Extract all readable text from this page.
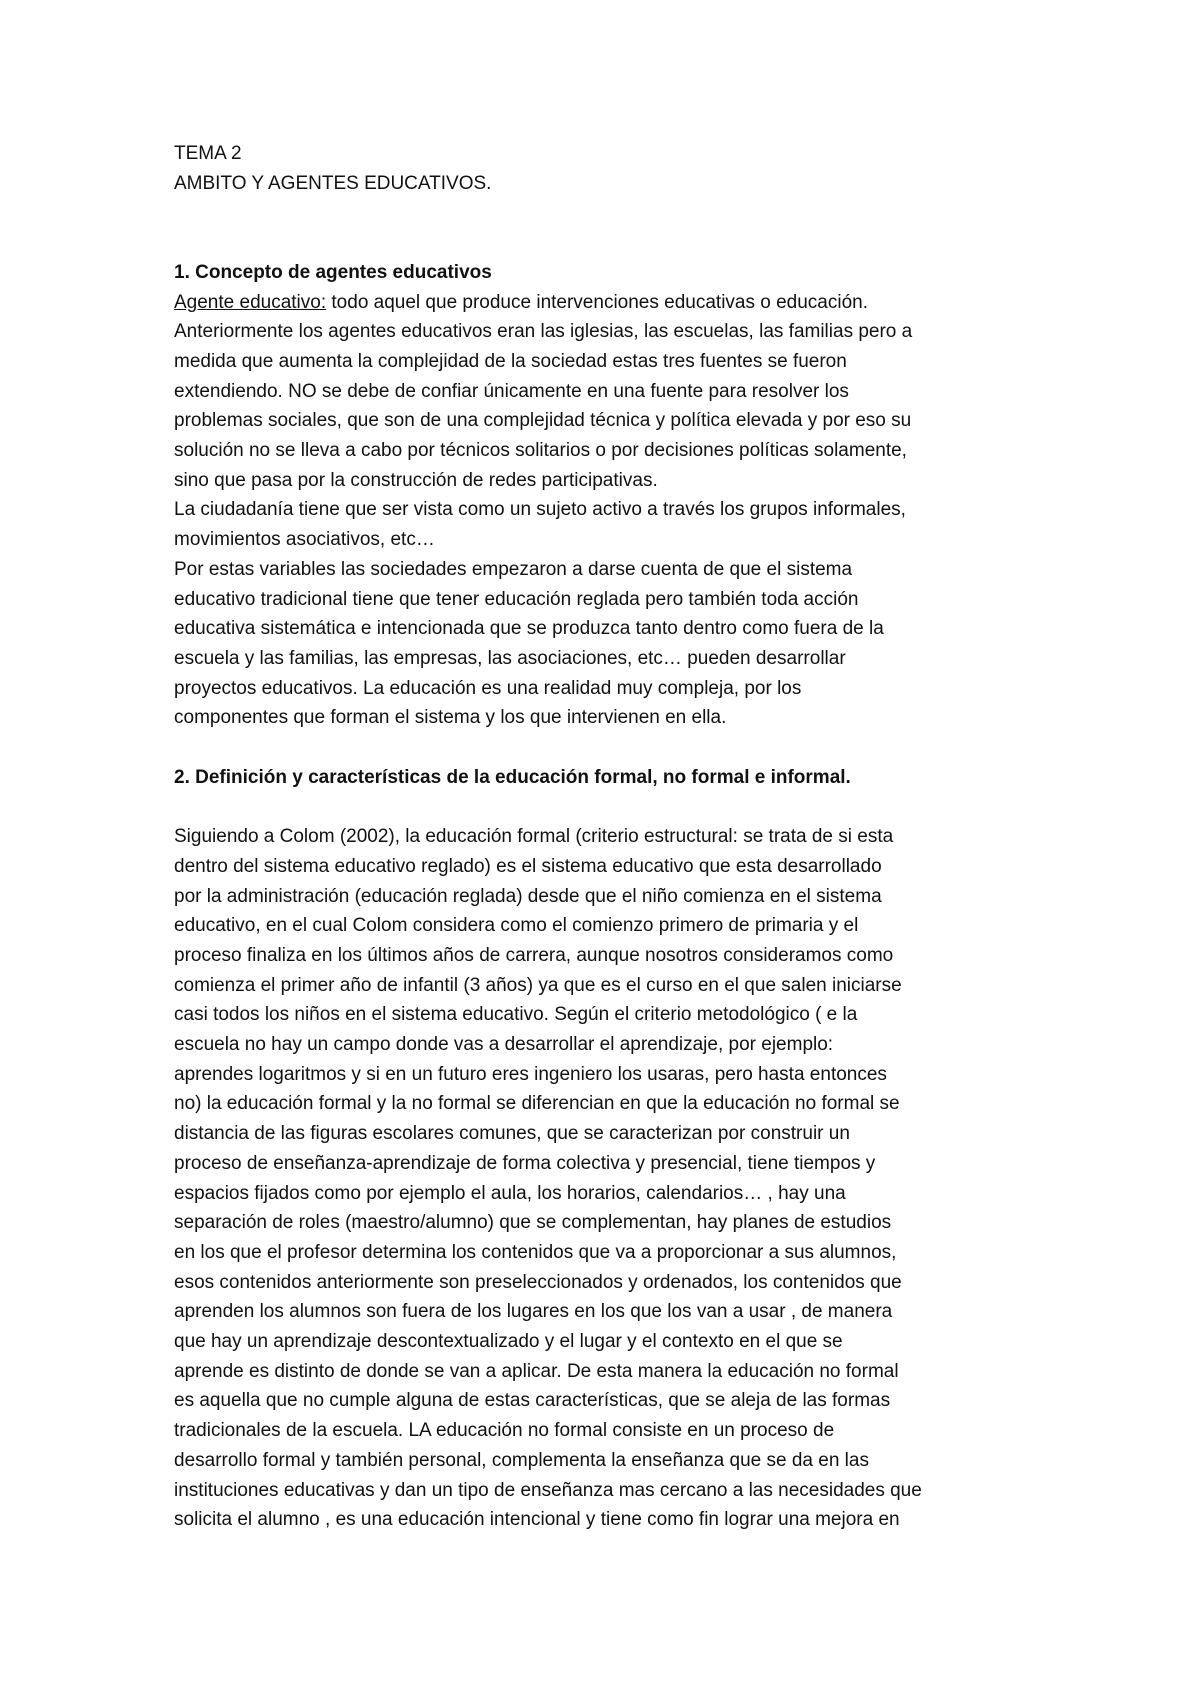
TEMA 2
AMBITO Y AGENTES EDUCATIVOS.
1. Concepto de agentes educativos
Agente educativo: todo aquel que produce intervenciones educativas o educación.
Anteriormente los agentes educativos eran las iglesias, las escuelas, las familias pero a
medida que aumenta la complejidad de la sociedad estas tres fuentes se fueron
extendiendo. NO se debe de confiar únicamente en una fuente para resolver los
problemas sociales, que son de una complejidad técnica y política elevada y por eso su
solución no se lleva a cabo por técnicos solitarios o por decisiones políticas solamente,
sino que pasa por la construcción de redes participativas.
La ciudadanía tiene que ser vista como un sujeto activo a través los grupos informales,
movimientos asociativos, etc…
Por estas variables las sociedades empezaron a darse cuenta de que el sistema
educativo tradicional tiene que tener educación reglada pero también toda acción
educativa sistemática e intencionada que se produzca tanto dentro como fuera de la
escuela y las familias, las empresas, las asociaciones, etc… pueden desarrollar
proyectos educativos. La educación es una realidad muy compleja, por los
componentes que forman el sistema y los que intervienen en ella.
2. Definición y características de la educación formal, no formal e informal.
Siguiendo a Colom (2002), la educación formal (criterio estructural: se trata de si esta
dentro del sistema educativo reglado) es el sistema educativo que esta desarrollado
por la administración (educación reglada) desde que el niño comienza en el sistema
educativo, en el cual Colom considera como el comienzo primero de primaria y el
proceso finaliza en los últimos años de carrera, aunque nosotros consideramos como
comienza el primer año de infantil (3 años) ya que es el curso en el que salen iniciarse
casi todos los niños en el sistema educativo. Según el criterio metodológico ( e la
escuela no hay un campo donde vas a desarrollar el aprendizaje, por ejemplo:
aprendes logaritmos y si en un futuro eres ingeniero los usaras, pero hasta entonces
no) la educación formal y la no formal se diferencian en que la educación no formal se
distancia de las figuras escolares comunes, que se caracterizan por construir un
proceso de enseñanza-aprendizaje de forma colectiva y presencial, tiene tiempos y
espacios fijados como por ejemplo el aula, los horarios, calendarios… , hay una
separación de roles (maestro/alumno) que se complementan, hay planes de estudios
en los que el profesor determina los contenidos que va a proporcionar a sus alumnos,
esos contenidos anteriormente son preseleccionados y ordenados, los contenidos que
aprenden los alumnos son fuera de los lugares en los que los van a usar , de manera
que hay un aprendizaje descontextualizado y el lugar y el contexto en el que se
aprende es distinto de donde se van a aplicar. De esta manera la educación no formal
es aquella que no cumple alguna de estas características, que se aleja de las formas
tradicionales de la escuela. LA educación no formal consiste en un proceso de
desarrollo formal y también personal, complementa la enseñanza que se da en las
instituciones educativas y dan un tipo de enseñanza mas cercano a las necesidades que
solicita el alumno , es una educación intencional y tiene como fin lograr una mejora en
